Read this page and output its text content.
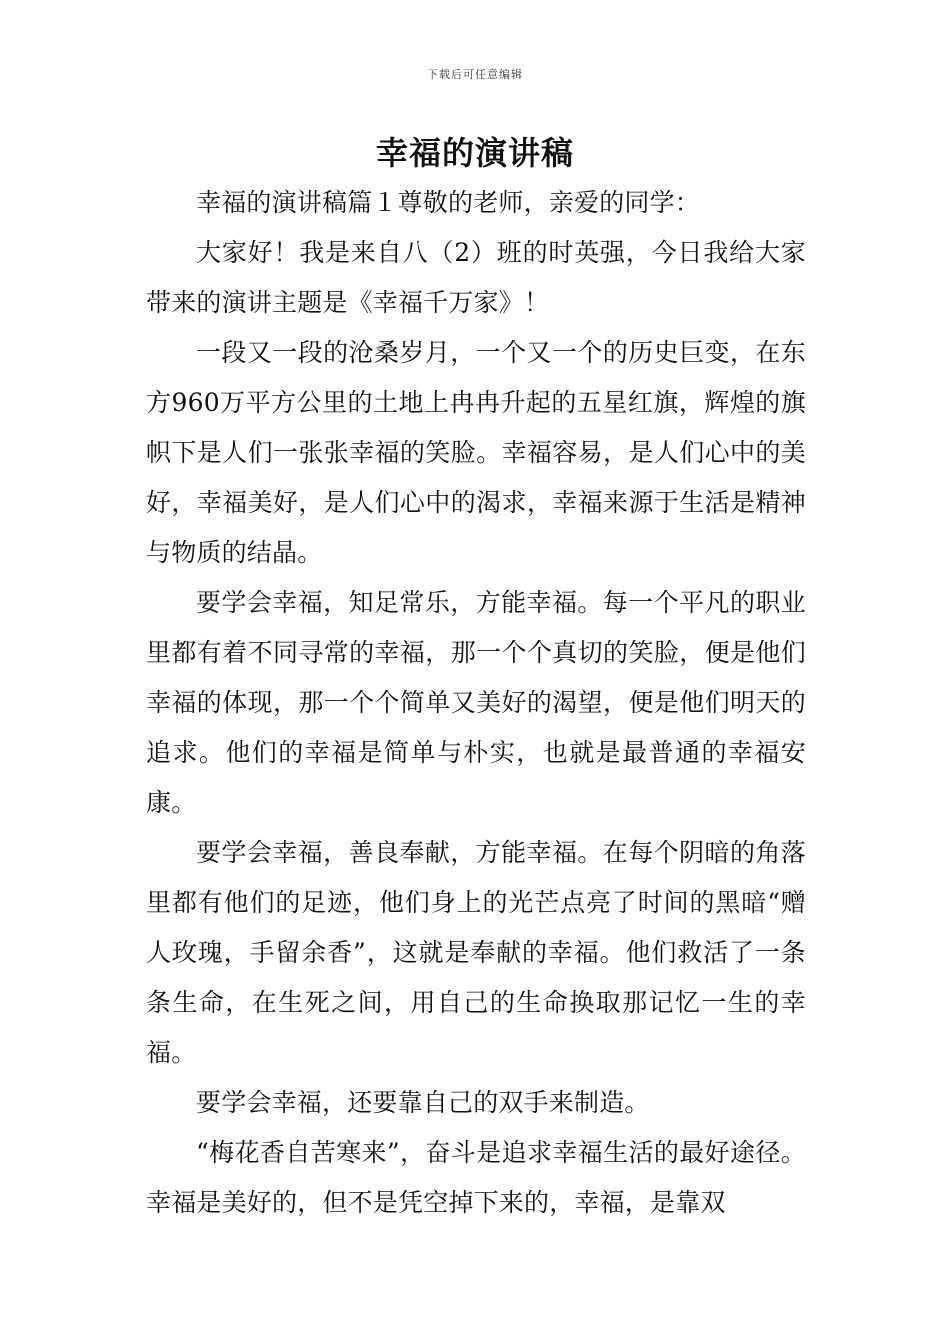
下载后可任意编辑
幸福的演讲稿

幸福的演讲稿篇１尊敬的老师，亲爱的同学：

大家好！我是来自八（2）班的时英强，今日我给大家带来的演讲主题是《幸福千万家》！

一段又一段的沧桑岁月，一个又一个的历史巨变，在东方960万平方公里的土地上冉冉升起的五星红旗，辉煌的旗帜下是人们一张张幸福的笑脸。幸福容易，是人们心中的美好，幸福美好，是人们心中的渴求，幸福来源于生活是精神与物质的结晶。

要学会幸福，知足常乐，方能幸福。每一个平凡的职业里都有着不同寻常的幸福，那一个个真切的笑脸，便是他们幸福的体现，那一个个简单又美好的渴望，便是他们明天的追求。他们的幸福是简单与朴实，也就是最普通的幸福安康。

要学会幸福，善良奉献，方能幸福。在每个阴暗的角落里都有他们的足迹，他们身上的光芒点亮了时间的黑暗“赠人玫瑰，手留余香”，这就是奉献的幸福。他们救活了一条条生命，在生死之间，用自己的生命换取那记忆一生的幸福。

要学会幸福，还要靠自己的双手来制造。

“梅花香自苦寒来”，奋斗是追求幸福生活的最好途径。幸福是美好的，但不是凭空掉下来的，幸福，是靠双
